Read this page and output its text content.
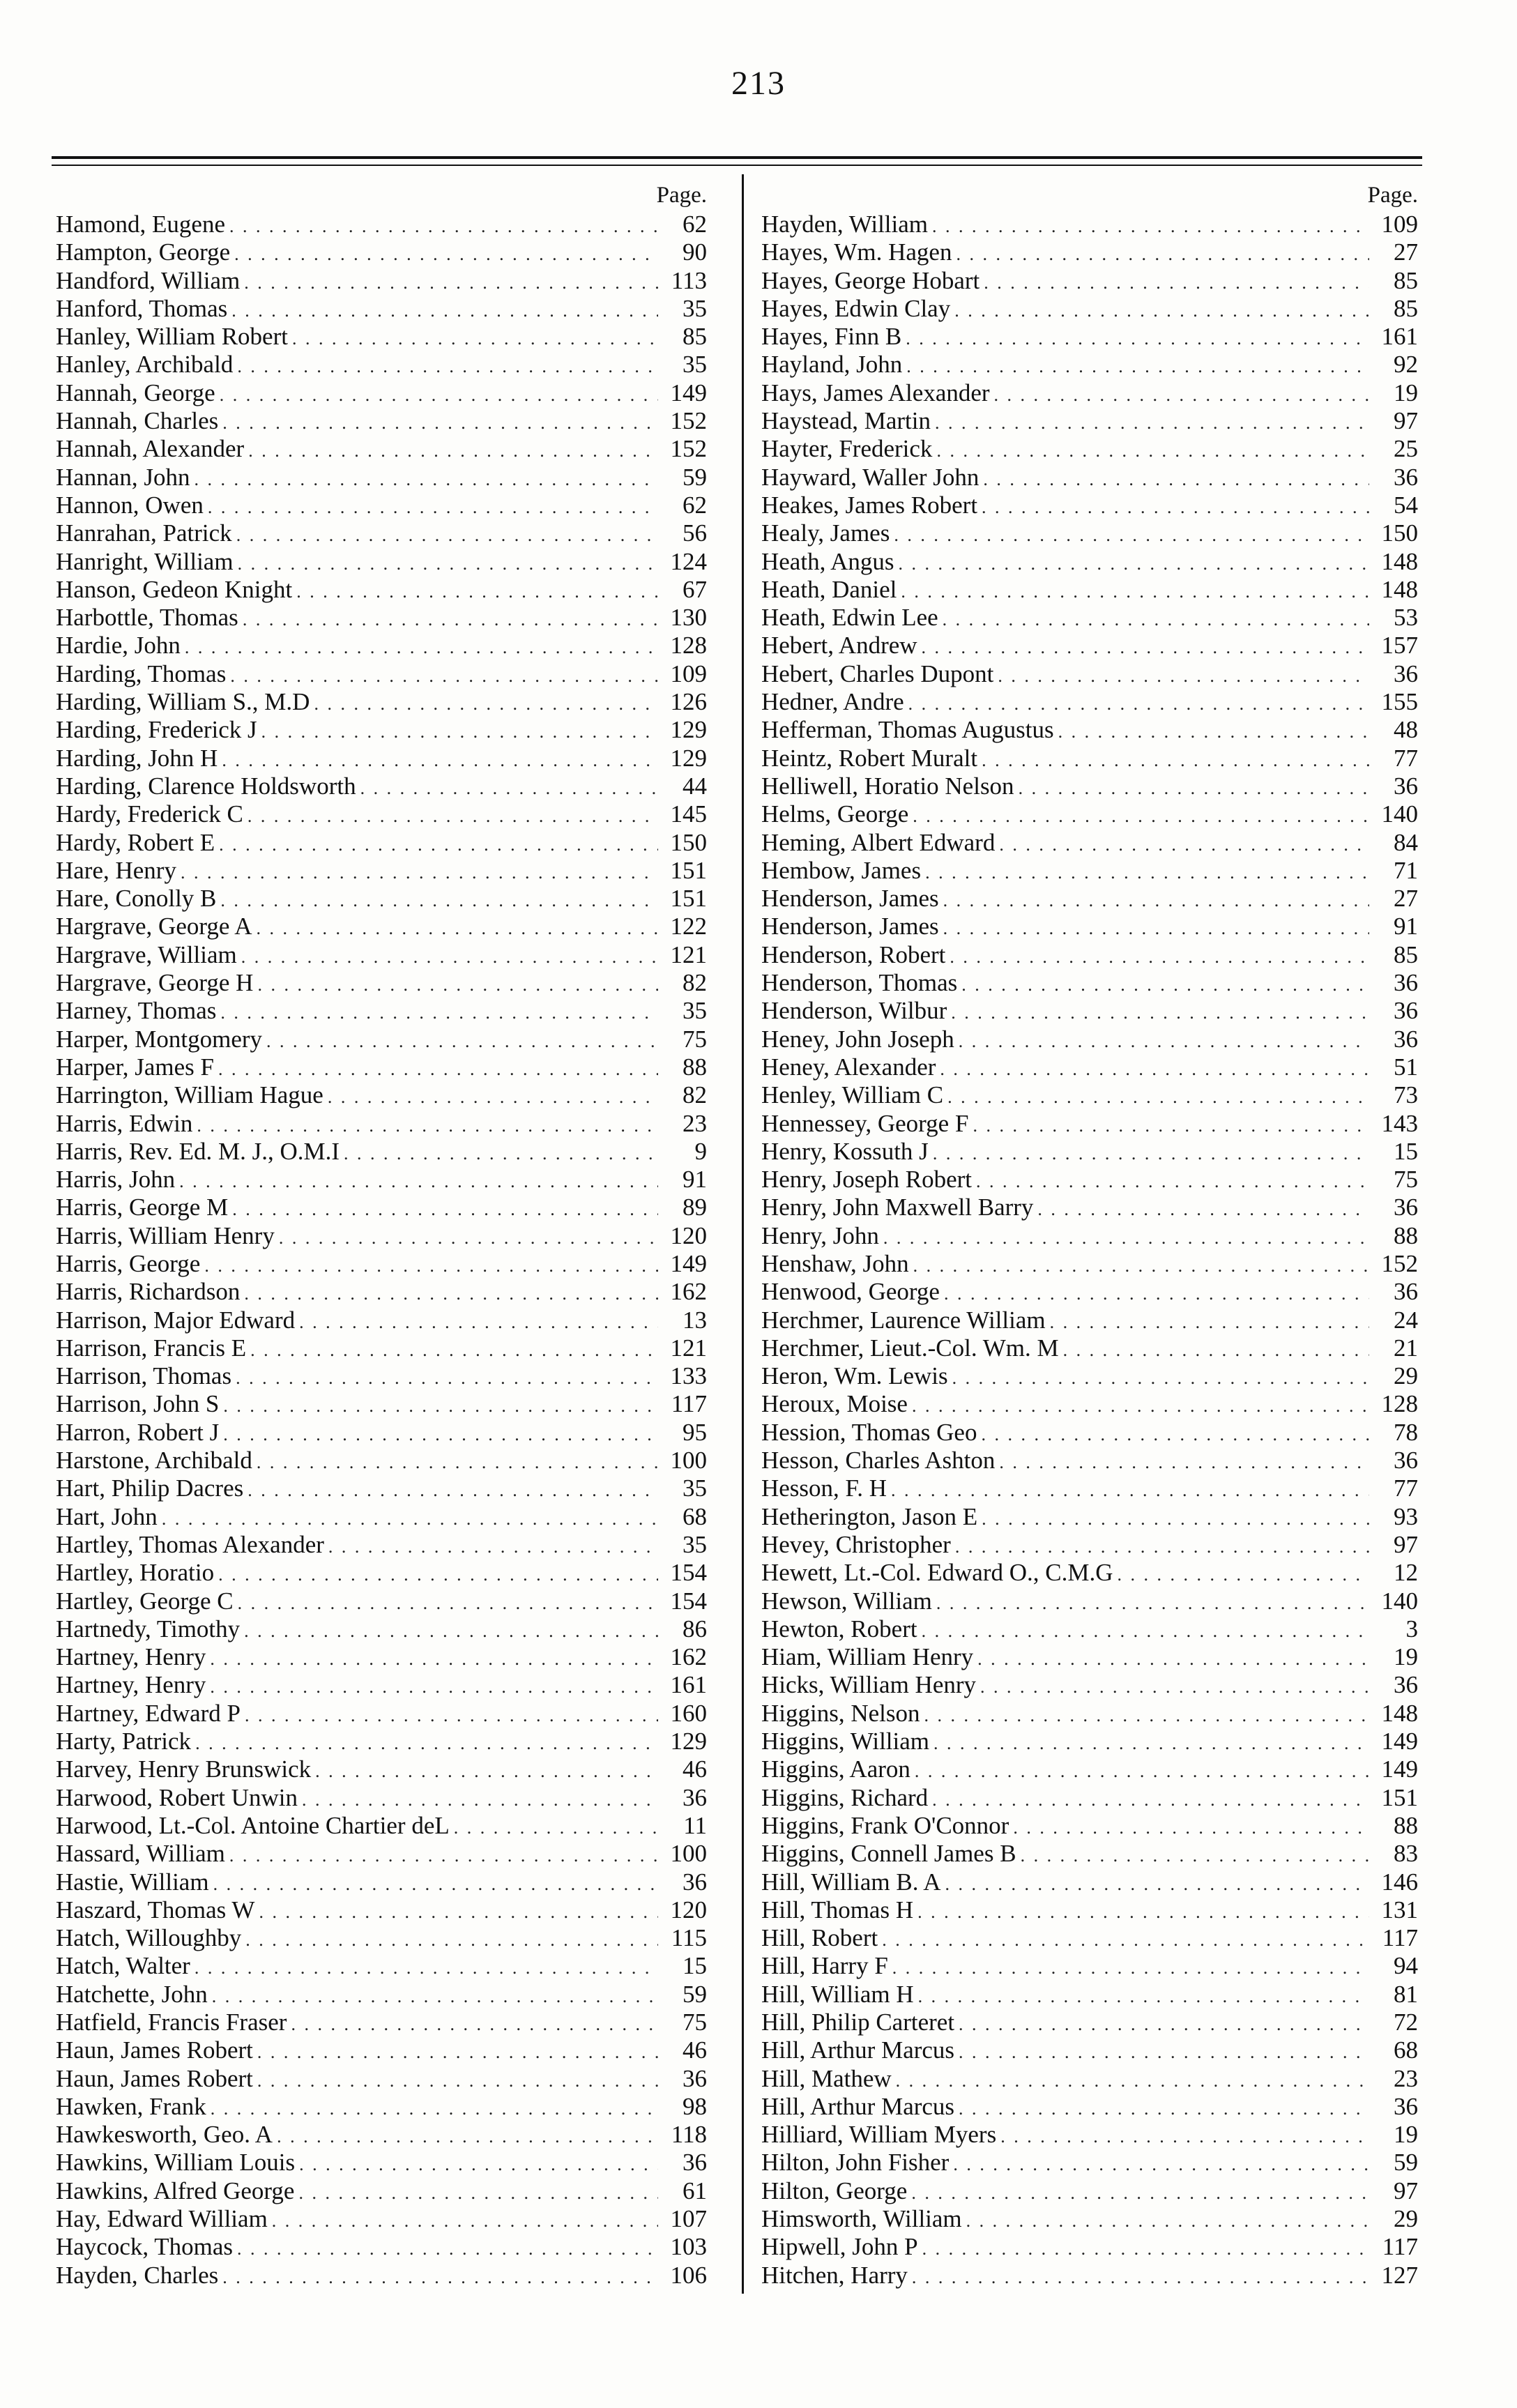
213
Page.
Hamond, Eugene . . .	62
Hampton, George . . .	90
Handford, William . . .	113
Hanford, Thomas . . .	35
Hanley, William Robert . . .	85
Hanley, Archibald . . .	35
Hannah, George . . .	149
Hannah, Charles . . .	152
Hannah, Alexander . . .	152
Hannan, John . . .	59
Hannon, Owen . . .	62
Hanrahan, Patrick . . .	56
Hanright, William . . .	124
Hanson, Gedeon Knight . . .	67
Harbottle, Thomas . . .	130
Hardie, John . . .	128
Harding, Thomas . . .	109
Harding, William S., M.D . . .	126
Harding, Frederick J . . .	129
Harding, John H . . .	129
Harding, Clarence Holdsworth . . .	44
Hardy, Frederick C . . .	145
Hardy, Robert E . . .	150
Hare, Henry . . .	151
Hare, Conolly B . . .	151
Hargrave, George A . . .	122
Hargrave, William . . .	121
Hargrave, George H . . .	82
Harney, Thomas . . .	35
Harper, Montgomery . . .	75
Harper, James F . . .	88
Harrington, William Hague . . .	82
Harris, Edwin . . .	23
Harris, Rev. Ed. M. J., O.M.I . . .	9
Harris, John . . .	91
Harris, George M . . .	89
Harris, William Henry . . .	120
Harris, George . . .	149
Harris, Richardson . . .	162
Harrison, Major Edward . . .	13
Harrison, Francis E . . .	121
Harrison, Thomas . . .	133
Harrison, John S . . .	117
Harron, Robert J . . .	95
Harstone, Archibald . . .	100
Hart, Philip Dacres . . .	35
Hart, John . . .	68
Hartley, Thomas Alexander . . .	35
Hartley, Horatio . . .	154
Hartley, George C . . .	154
Hartnedy, Timothy . . .	86
Hartney, Henry . . .	162
Hartney, Henry . . .	161
Hartney, Edward P . . .	160
Harty, Patrick . . .	129
Harvey, Henry Brunswick . . .	46
Harwood, Robert Unwin . . .	36
Harwood, Lt.-Col. Antoine Chartier deL . . .	11
Hassard, William . . .	100
Hastie, William . . .	36
Haszard, Thomas W . . .	120
Hatch, Willoughby . . .	115
Hatch, Walter . . .	15
Hatchette, John . . .	59
Hatfield, Francis Fraser . . .	75
Haun, James Robert . . .	46
Haun, James Robert . . .	36
Hawken, Frank . . .	98
Hawkesworth, Geo. A . . .	118
Hawkins, William Louis . . .	36
Hawkins, Alfred George . . .	61
Hay, Edward William . . .	107
Haycock, Thomas . . .	103
Hayden, Charles . . .	106
Page.
Hayden, William . . .	109
Hayes, Wm. Hagen . . .	27
Hayes, George Hobart . . .	85
Hayes, Edwin Clay . . .	85
Hayes, Finn B . . .	161
Hayland, John . . .	92
Hays, James Alexander . . .	19
Haystead, Martin . . .	97
Hayter, Frederick . . .	25
Hayward, Waller John . . .	36
Heakes, James Robert . . .	54
Healy, James . . .	150
Heath, Angus . . .	148
Heath, Daniel . . .	148
Heath, Edwin Lee . . .	53
Hebert, Andrew . . .	157
Hebert, Charles Dupont . . .	36
Hedner, Andre . . .	155
Hefferman, Thomas Augustus . . .	48
Heintz, Robert Muralt . . .	77
Helliwell, Horatio Nelson . . .	36
Helms, George . . .	140
Heming, Albert Edward . . .	84
Hembow, James . . .	71
Henderson, James . . .	27
Henderson, James . . .	91
Henderson, Robert . . .	85
Henderson, Thomas . . .	36
Henderson, Wilbur . . .	36
Heney, John Joseph . . .	36
Heney, Alexander . . .	51
Henley, William C . . .	73
Hennessey, George F . . .	143
Henry, Kossuth J . . .	15
Henry, Joseph Robert . . .	75
Henry, John Maxwell Barry . . .	36
Henry, John . . .	88
Henshaw, John . . .	152
Henwood, George . . .	36
Herchmer, Laurence William . . .	24
Herchmer, Lieut.-Col. Wm. M . . .	21
Heron, Wm. Lewis . . .	29
Heroux, Moise . . .	128
Hession, Thomas Geo . . .	78
Hesson, Charles Ashton . . .	36
Hesson, F. H . . .	77
Hetherington, Jason E . . .	93
Hevey, Christopher . . .	97
Hewett, Lt.-Col. Edward O., C.M.G . . .	12
Hewson, William . . .	140
Hewton, Robert . . .	3
Hiam, William Henry . . .	19
Hicks, William Henry . . .	36
Higgins, Nelson . . .	148
Higgins, William . . .	149
Higgins, Aaron . . .	149
Higgins, Richard . . .	151
Higgins, Frank O'Connor . . .	88
Higgins, Connell James B . . .	83
Hill, William B. A . . .	146
Hill, Thomas H . . .	131
Hill, Robert . . .	117
Hill, Harry F . . .	94
Hill, William H . . .	81
Hill, Philip Carteret . . .	72
Hill, Arthur Marcus . . .	68
Hill, Mathew . . .	23
Hill, Arthur Marcus . . .	36
Hilliard, William Myers . . .	19
Hilton, John Fisher . . .	59
Hilton, George . . .	97
Himsworth, William . . .	29
Hipwell, John P . . .	117
Hitchen, Harry . . .	127
